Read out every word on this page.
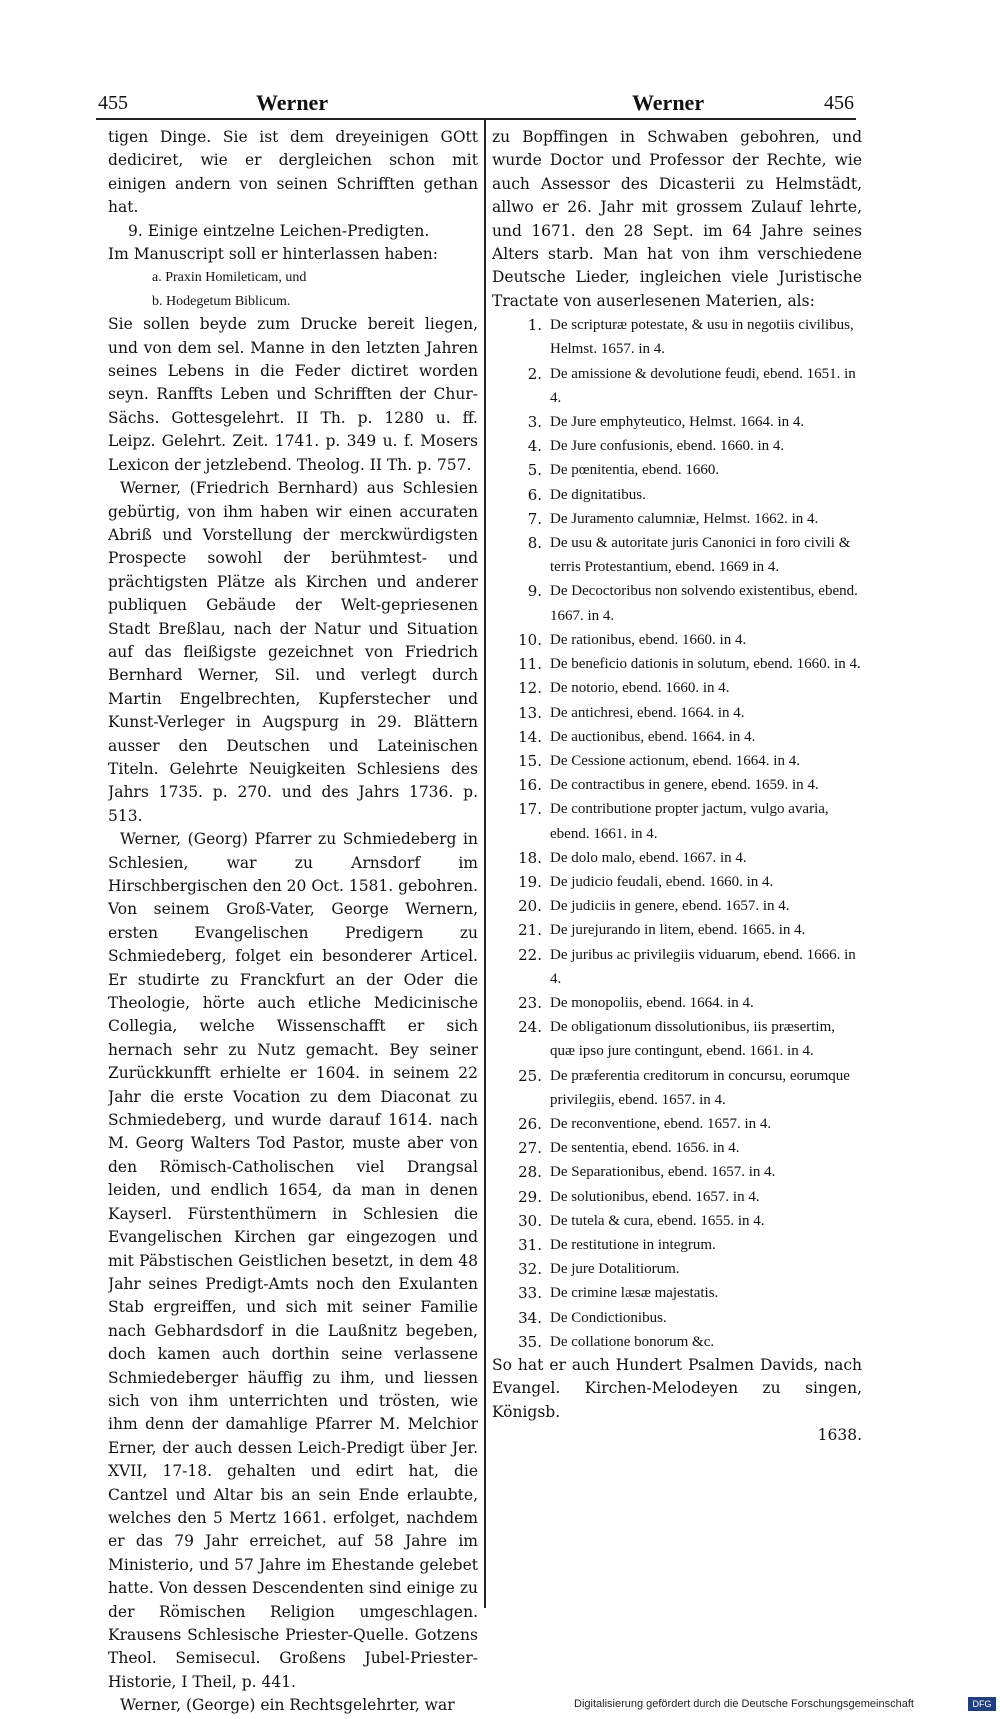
455	Werner	Werner	456

tigen Dinge. Sie ist dem dreyeinigen GOtt dediciret, wie er dergleichen schon mit einigen andern von seinen Schrifften gethan hat.

9. Einige eintzelne Leichen-Predigten.

Im Manuscript soll er hinterlassen haben:

a. Praxin Homileticam, und

b. Hodegetum Biblicum.

Sie sollen beyde zum Drucke bereit liegen, und von dem sel. Manne in den letzten Jahren seines Lebens in die Feder dictiret worden seyn. Ranffts Leben und Schrifften der Chur-Sächs. Gottesgelehrt. II Th. p. 1280 u. ff. Leipz. Gelehrt. Zeit. 1741. p. 349 u. f. Mosers Lexicon der jetzlebend. Theolog. II Th. p. 757.

Werner, (Friedrich Bernhard) aus Schlesien gebürtig, von ihm haben wir einen accuraten Abriß und Vorstellung der merckwürdigsten Prospecte sowohl der berühmtest- und prächtigsten Plätze als Kirchen und anderer publiquen Gebäude der Welt-gepriesenen Stadt Breßlau, nach der Natur und Situation auf das fleißigste gezeichnet von Friedrich Bernhard Werner, Sil. und verlegt durch Martin Engelbrechten, Kupferstecher und Kunst-Verleger in Augspurg in 29. Blättern ausser den Deutschen und Lateinischen Titeln. Gelehrte Neuigkeiten Schlesiens des Jahrs 1735. p. 270. und des Jahrs 1736. p. 513.

Werner, (Georg) Pfarrer zu Schmiedeberg in Schlesien, war zu Arnsdorf im Hirschbergischen den 20 Oct. 1581. gebohren. Von seinem Groß-Vater, George Wernern, ersten Evangelischen Predigern zu Schmiedeberg, folget ein besonderer Articel. Er studirte zu Franckfurt an der Oder die Theologie, hörte auch etliche Medicinische Collegia, welche Wissenschafft er sich hernach sehr zu Nutz gemacht. Bey seiner Zurückkunfft erhielte er 1604. in seinem 22 Jahr die erste Vocation zu dem Diaconat zu Schmiedeberg, und wurde darauf 1614. nach M. Georg Walters Tod Pastor, muste aber von den Römisch-Catholischen viel Drangsal leiden, und endlich 1654, da man in denen Kayserl. Fürstenthümern in Schlesien die Evangelischen Kirchen gar eingezogen und mit Päbstischen Geistlichen besetzt, in dem 48 Jahr seines Predigt-Amts noch den Exulanten Stab ergreiffen, und sich mit seiner Familie nach Gebhardsdorf in die Laußnitz begeben, doch kamen auch dorthin seine verlassene Schmiedeberger häuffig zu ihm, und liessen sich von ihm unterrichten und trösten, wie ihm denn der damahlige Pfarrer M. Melchior Erner, der auch dessen Leich-Predigt über Jer. XVII, 17-18. gehalten und edirt hat, die Cantzel und Altar bis an sein Ende erlaubte, welches den 5 Mertz 1661. erfolget, nachdem er das 79 Jahr erreichet, auf 58 Jahre im Ministerio, und 57 Jahre im Ehestande gelebet hatte. Von dessen Descendenten sind einige zu der Römischen Religion umgeschlagen. Krausens Schlesische Priester-Quelle. Gotzens Theol. Semisecul. Großens Jubel-Priester-Historie, I Theil, p. 441.

Werner, (George) ein Rechtsgelehrter, war

zu Bopffingen in Schwaben gebohren, und wurde Doctor und Professor der Rechte, wie auch Assessor des Dicasterii zu Helmstädt, allwo er 26. Jahr mit grossem Zulauf lehrte, und 1671. den 28 Sept. im 64 Jahre seines Alters starb. Man hat von ihm verschiedene Deutsche Lieder, ingleichen viele Juristische Tractate von auserlesenen Materien, als:

1. De scripturæ potestate, & usu in negotiis civilibus, Helmst. 1657. in 4.
2. De amissione & devolutione feudi, ebend. 1651. in 4.
3. De Jure emphyteutico, Helmst. 1664. in 4.
4. De Jure confusionis, ebend. 1660. in 4.
5. De pœnitentia, ebend. 1660.
6. De dignitatibus.
7. De Juramento calumniæ, Helmst. 1662. in 4.
8. De usu & autoritate juris Canonici in foro civili & terris Protestantium, ebend. 1669 in 4.
9. De Decoctoribus non solvendo existentibus, ebend. 1667. in 4.
10. De rationibus, ebend. 1660. in 4.
11. De beneficio dationis in solutum, ebend. 1660. in 4.
12. De notorio, ebend. 1660. in 4.
13. De antichresi, ebend. 1664. in 4.
14. De auctionibus, ebend. 1664. in 4.
15. De Cessione actionum, ebend. 1664. in 4.
16. De contractibus in genere, ebend. 1659. in 4.
17. De contributione propter jactum, vulgo avaria, ebend. 1661. in 4.
18. De dolo malo, ebend. 1667. in 4.
19. De judicio feudali, ebend. 1660. in 4.
20. De judiciis in genere, ebend. 1657. in 4.
21. De jurejurando in litem, ebend. 1665. in 4.
22. De juribus ac privilegiis viduarum, ebend. 1666. in 4.
23. De monopoliis, ebend. 1664. in 4.
24. De obligationum dissolutionibus, iis præsertim, quæ ipso jure contingunt, ebend. 1661. in 4.
25. De præferentia creditorum in concursu, eorumque privilegiis, ebend. 1657. in 4.
26. De reconventione, ebend. 1657. in 4.
27. De sententia, ebend. 1656. in 4.
28. De Separationibus, ebend. 1657. in 4.
29. De solutionibus, ebend. 1657. in 4.
30. De tutela & cura, ebend. 1655. in 4.
31. De restitutione in integrum.
32. De jure Dotalitiorum.
33. De crimine læsæ majestatis.
34. De Condictionibus.
35. De collatione bonorum &c.

So hat er auch Hundert Psalmen Davids, nach Evangel. Kirchen-Melodeyen zu singen, Königsb.

1638.

Digitalisierung gefördert durch die Deutsche Forschungsgemeinschaft	DFG
